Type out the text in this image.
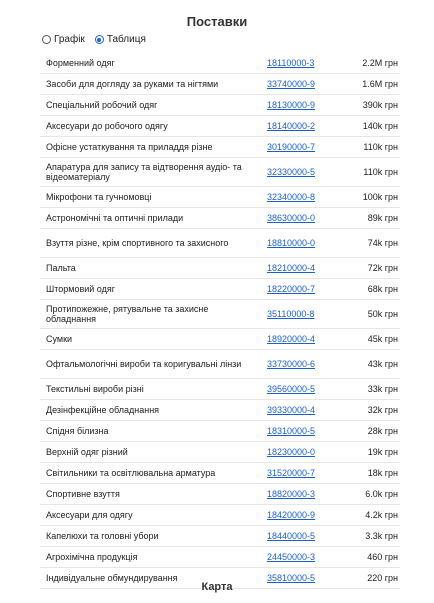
Поставки
Графік Таблиця
Форменний одяг	18110000-3	2.2M грн
Засоби для догляду за руками та нігтями	33740000-9	1.6M грн
Спеціальний робочий одяг	18130000-9	390k грн
Аксесуари до робочого одягу	18140000-2	140k грн
Офісне устаткування та приладдя різне	30190000-7	110k грн
Апаратура для запису та відтворення аудіо- та відеоматеріалу	32330000-5	110k грн
Мікрофони та гучномовці	32340000-8	100k грн
Астрономічні та оптичні прилади	38630000-0	89k грн
Взуття різне, крім спортивного та захисного	18810000-0	74k грн
Пальта	18210000-4	72k грн
Штормовий одяг	18220000-7	68k грн
Протипожежне, рятувальне та захисне обладнання	35110000-8	50k грн
Сумки	18920000-4	45k грн
Офтальмологічні вироби та коригувальні лінзи	33730000-6	43k грн
Текстильні вироби різні	39560000-5	33k грн
Дезінфекційне обладнання	39330000-4	32k грн
Спідня білизна	18310000-5	28k грн
Верхній одяг різний	18230000-0	19k грн
Світильники та освітлювальна арматура	31520000-7	18k грн
Спортивне взуття	18820000-3	6.0k грн
Аксесуари для одягу	18420000-9	4.2k грн
Капелюхи та головні убори	18440000-5	3.3k грн
Агрохімічна продукція	24450000-3	460 грн
Індивідуальне обмундирування	35810000-5	220 грн
Карта
